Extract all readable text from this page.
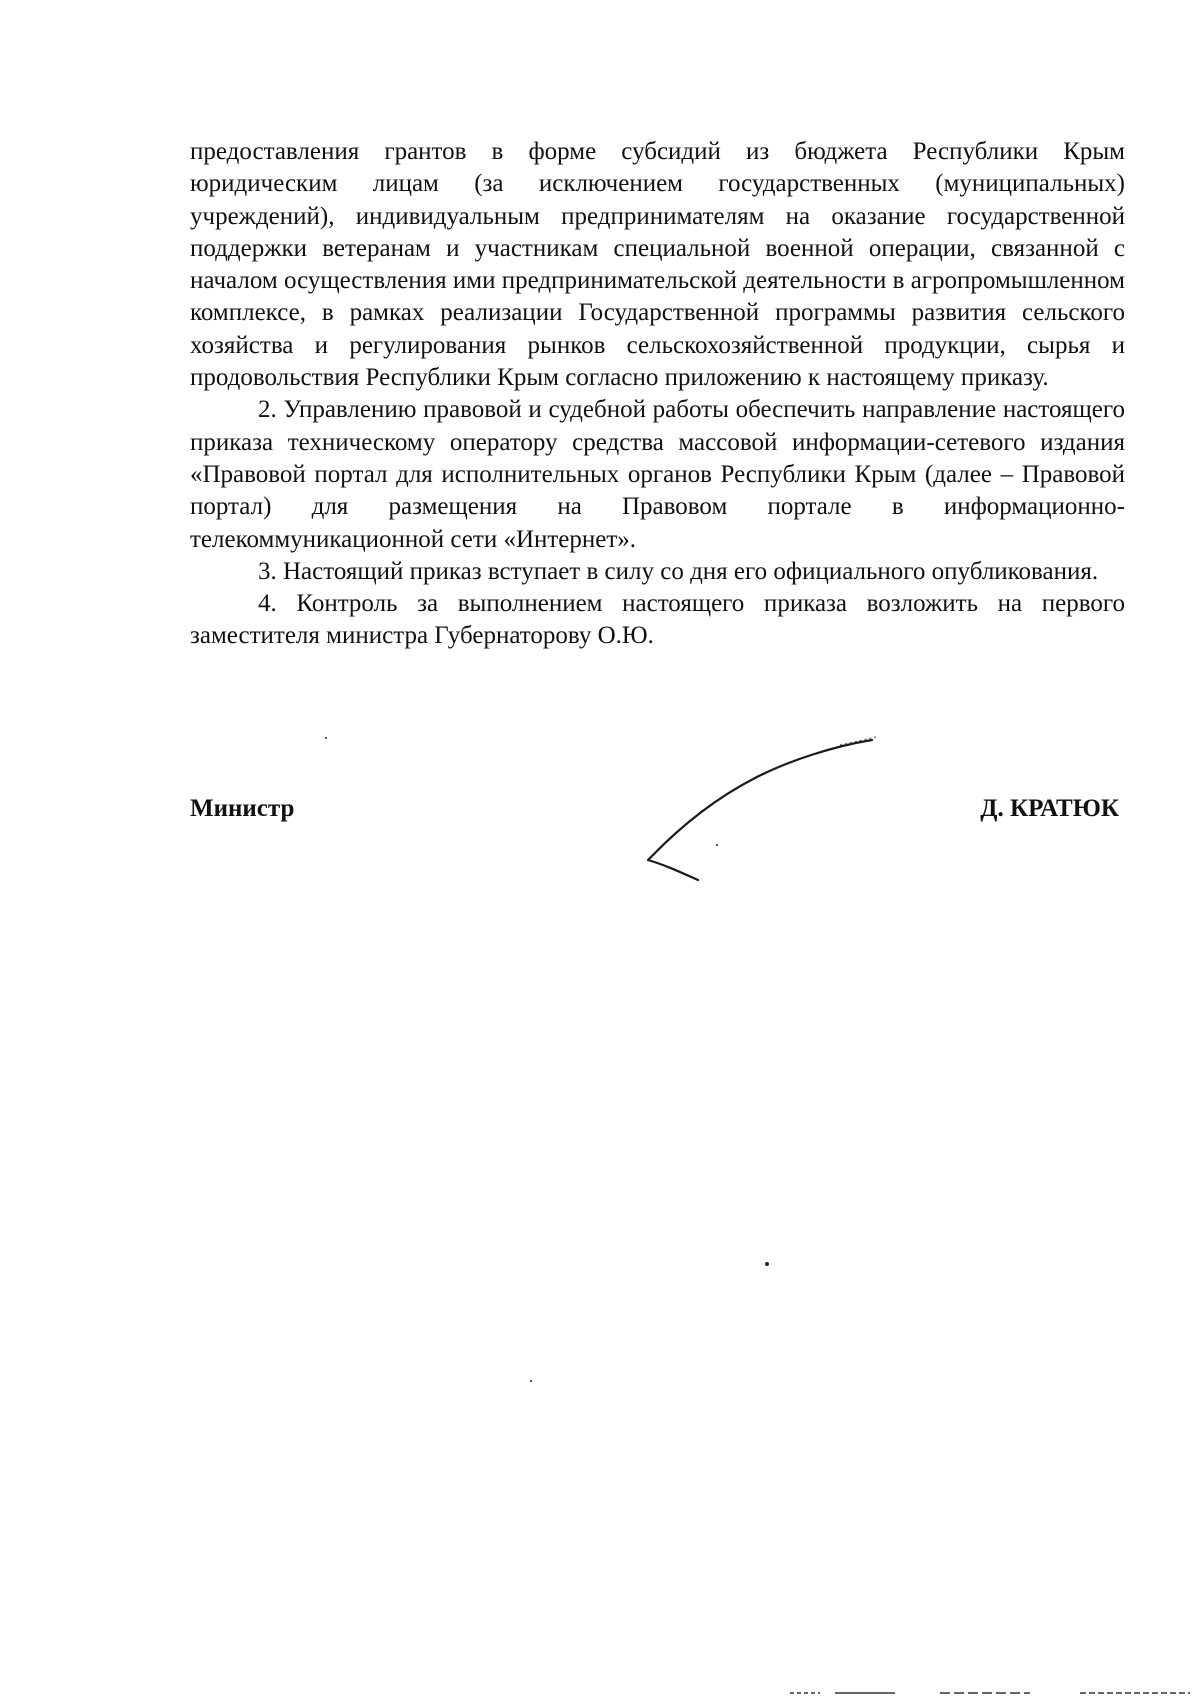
предоставления грантов в форме субсидий из бюджета Республики Крым юридическим лицам (за исключением государственных (муниципальных) учреждений), индивидуальным предпринимателям на оказание государственной поддержки ветеранам и участникам специальной военной операции, связанной с началом осуществления ими предпринимательской деятельности в агропромышленном комплексе, в рамках реализации Государственной программы развития сельского хозяйства и регулирования рынков сельскохозяйственной продукции, сырья и продовольствия Республики Крым согласно приложению к настоящему приказу.

2. Управлению правовой и судебной работы обеспечить направление настоящего приказа техническому оператору средства массовой информации-сетевого издания «Правовой портал для исполнительных органов Республики Крым (далее – Правовой портал) для размещения на Правовом портале в информационно-телекоммуникационной сети «Интернет».

3. Настоящий приказ вступает в силу со дня его официального опубликования.

4. Контроль за выполнением настоящего приказа возложить на первого заместителя министра Губернаторову О.Ю.

Министр	Д. КРАТЮК
